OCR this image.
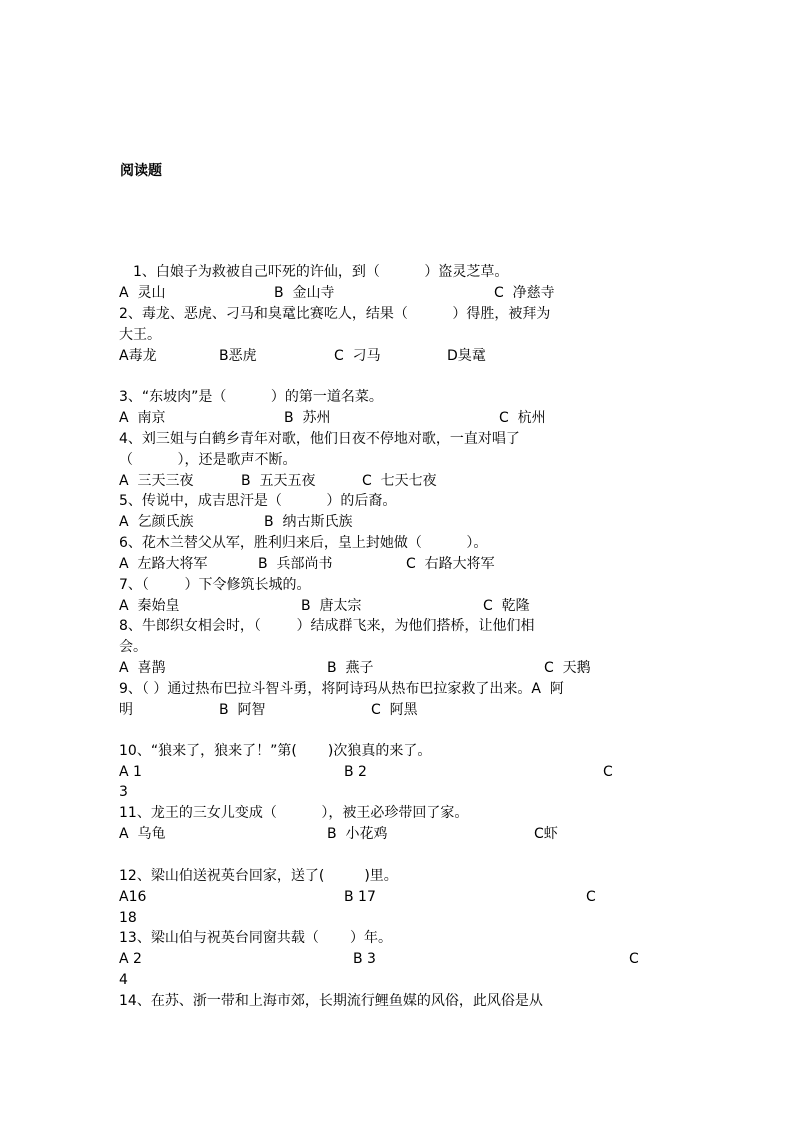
阅读题
1、白娘子为救被自己吓死的许仙，到（          ）盗灵芝草。

A  灵山

	B  金山寺

	C  净慈寺

2、毒龙、恶虎、刁马和臭鼋比赛吃人，结果（          ）得胜，被拜为
大王。

A毒龙

	B恶虎

	C  刁马

	D臭鼋

3、“东坡肉”是（          ）的第一道名菜。

A  南京

	B  苏州

	C  杭州

4、刘三姐与白鹤乡青年对歌，他们日夜不停地对歌，一直对唱了
（          ），还是歌声不断。

A  三天三夜

	B  五天五夜

	C  七天七夜

5、传说中，成吉思汗是（          ）的后裔。

A  乞颜氏族

	B  纳古斯氏族

6、花木兰替父从军，胜利归来后，皇上封她做（          ）。

A  左路大将军

	B  兵部尚书

	C  右路大将军

7、（        ）下令修筑长城的。

A  秦始皇

	B  唐太宗

	C  乾隆

8、牛郎织女相会时，（        ）结成群飞来，为他们搭桥，让他们相
会。

A  喜鹊

	B  燕子

	C  天鹅

9、（ ）通过热布巴拉斗智斗勇，将阿诗玛从热布巴拉家救了出来。A  阿

明

	B  阿智

	C  阿黑

10、“狼来了，狼来了！”第(       )次狼真的来了。

A 1

	B 2

	C

3
11、龙王的三女儿变成（          ），被王必珍带回了家。

A  乌龟

	B  小花鸡

	C虾

12、梁山伯送祝英台回家，送了(         )里。

A16

	B 17

	C

18
13、梁山伯与祝英台同窗共载（       ）年。

A 2

	B 3

	C

4
14、在苏、浙一带和上海市郊，长期流行鲤鱼媒的风俗，此风俗是从
